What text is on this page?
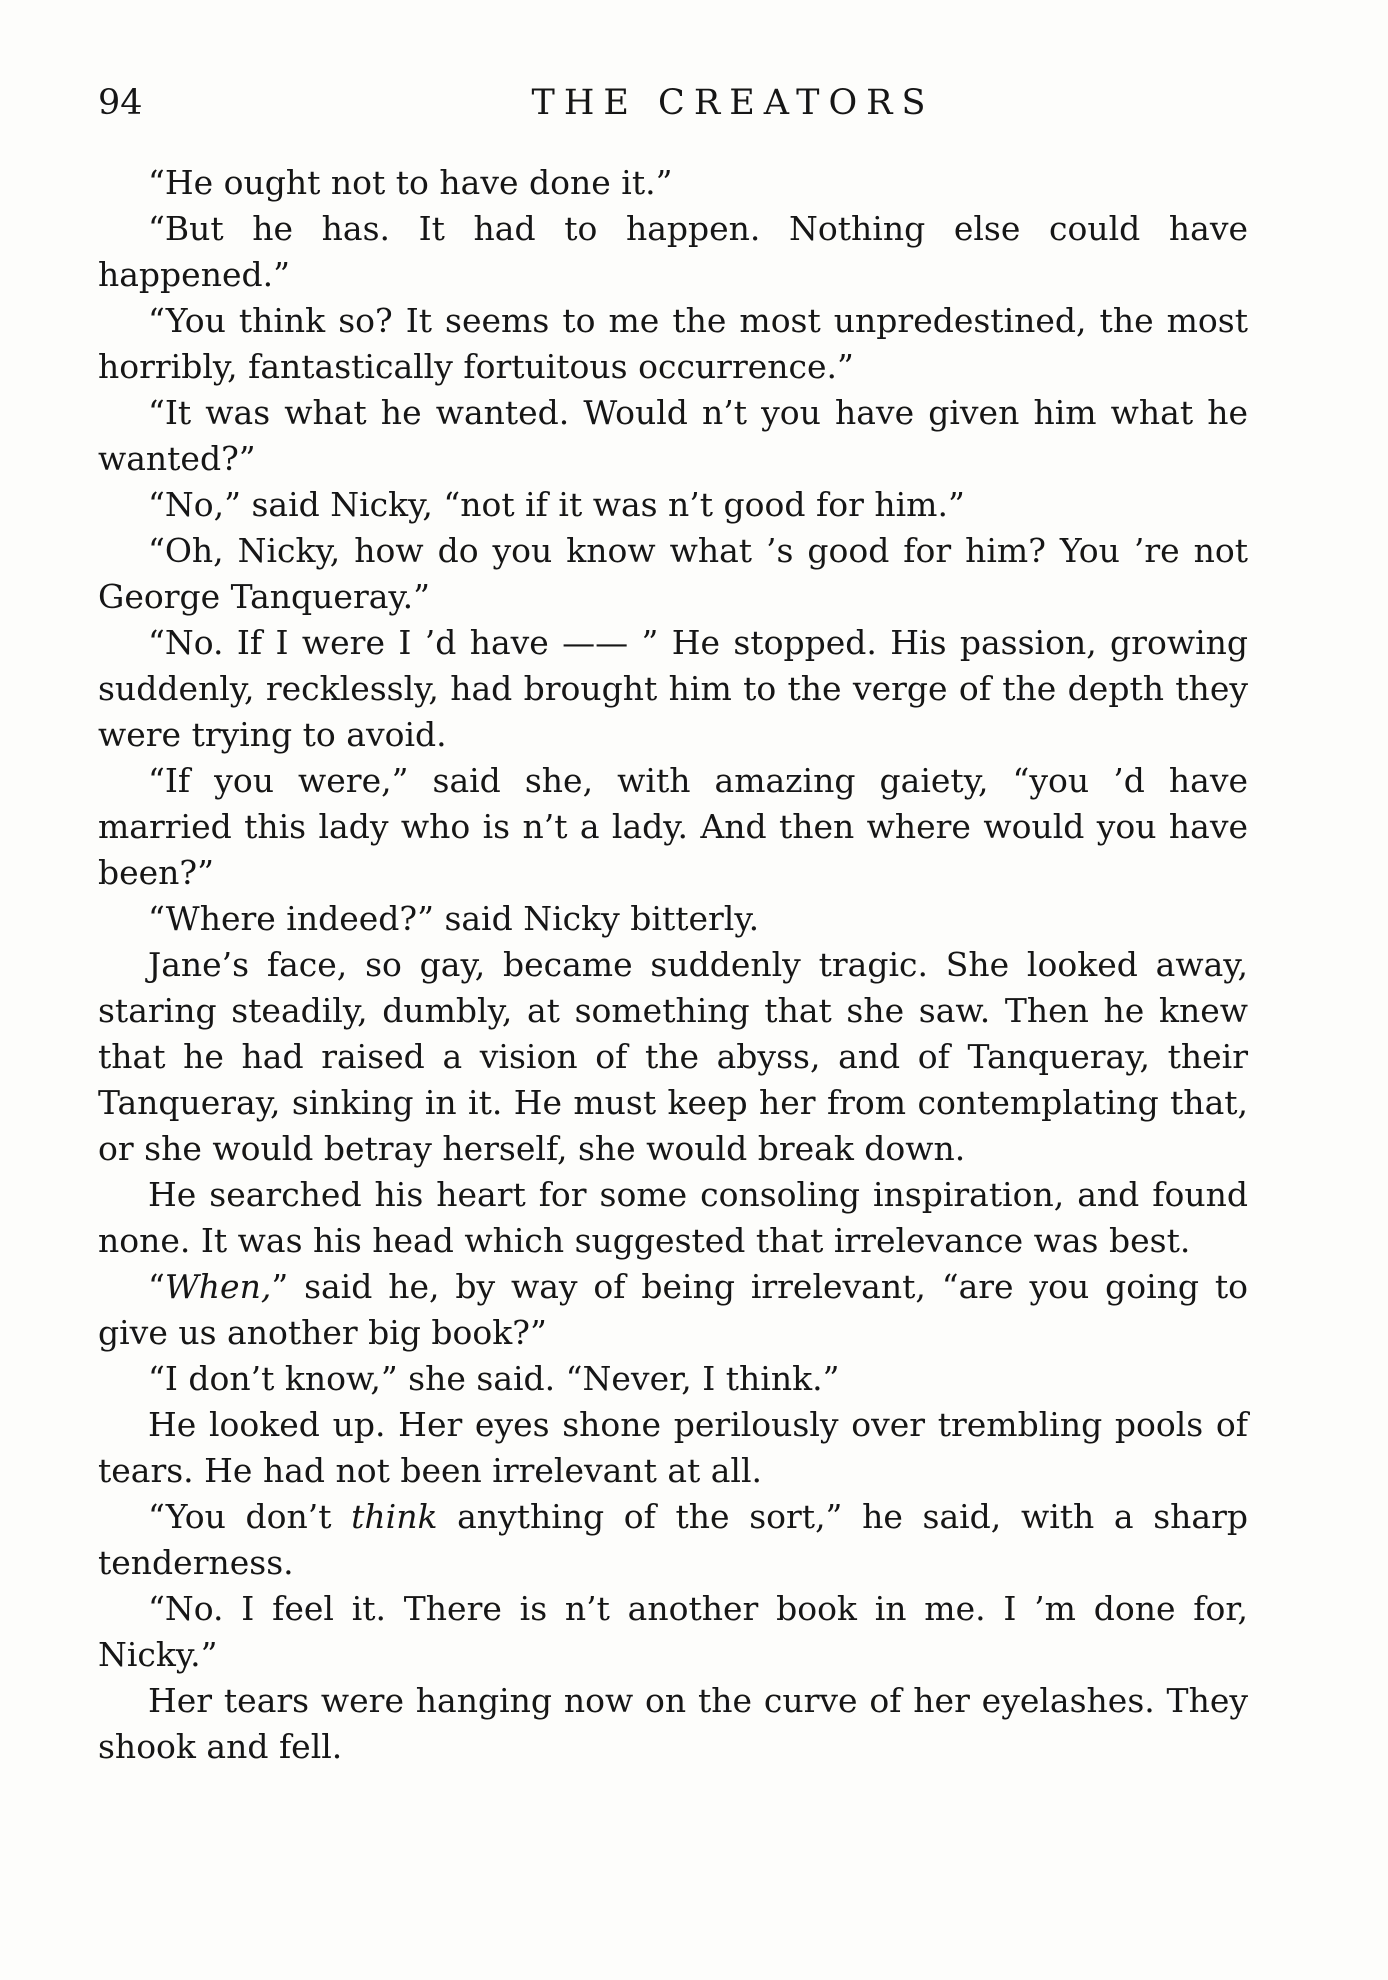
94	THE CREATORS

“He ought not to have done it.”

“But he has. It had to happen. Nothing else could have happened.”

“You think so? It seems to me the most unpredestined, the most horribly, fantastically fortuitous occurrence.”

“It was what he wanted. Would n’t you have given him what he wanted?”

“No,” said Nicky, “not if it was n’t good for him.”

“Oh, Nicky, how do you know what ’s good for him? You ’re not George Tanqueray.”

“No. If I were I ’d have —— ” He stopped. His passion, growing suddenly, recklessly, had brought him to the verge of the depth they were trying to avoid.

“If you were,” said she, with amazing gaiety, “you ’d have married this lady who is n’t a lady. And then where would you have been?”

“Where indeed?” said Nicky bitterly.

Jane’s face, so gay, became suddenly tragic. She looked away, staring steadily, dumbly, at something that she saw. Then he knew that he had raised a vision of the abyss, and of Tanqueray, their Tanqueray, sinking in it. He must keep her from contemplating that, or she would betray herself, she would break down.

He searched his heart for some consoling inspiration, and found none. It was his head which suggested that irrelevance was best.

“When,” said he, by way of being irrelevant, “are you going to give us another big book?”

“I don’t know,” she said. “Never, I think.”

He looked up. Her eyes shone perilously over trembling pools of tears. He had not been irrelevant at all.

“You don’t think anything of the sort,” he said, with a sharp tenderness.

“No. I feel it. There is n’t another book in me. I ’m done for, Nicky.”

Her tears were hanging now on the curve of her eyelashes. They shook and fell.
